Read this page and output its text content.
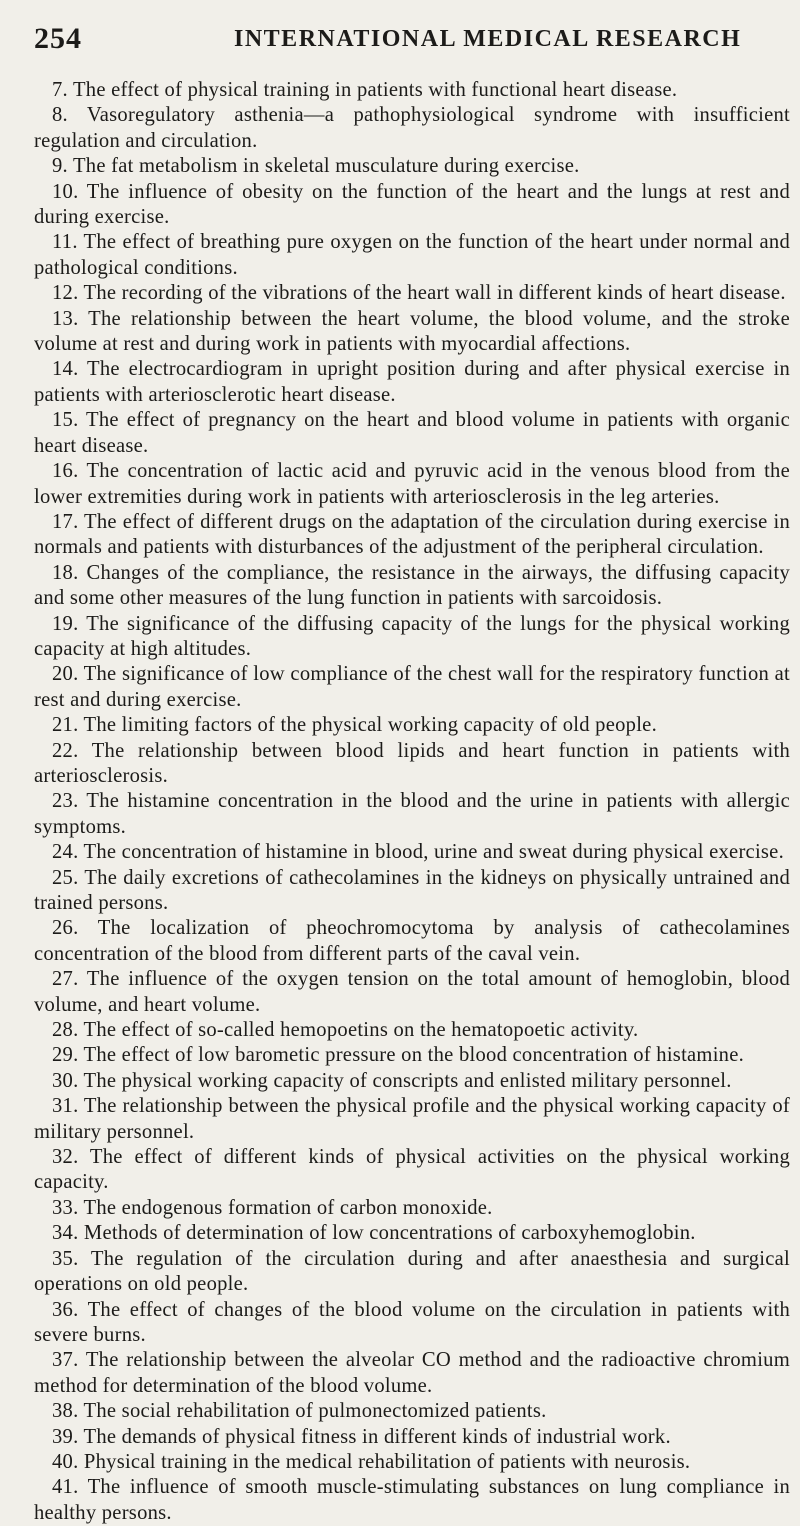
254	INTERNATIONAL MEDICAL RESEARCH
7. The effect of physical training in patients with functional heart disease.
8. Vasoregulatory asthenia—a pathophysiological syndrome with insufficient regulation and circulation.
9. The fat metabolism in skeletal musculature during exercise.
10. The influence of obesity on the function of the heart and the lungs at rest and during exercise.
11. The effect of breathing pure oxygen on the function of the heart under normal and pathological conditions.
12. The recording of the vibrations of the heart wall in different kinds of heart disease.
13. The relationship between the heart volume, the blood volume, and the stroke volume at rest and during work in patients with myocardial affections.
14. The electrocardiogram in upright position during and after physical exercise in patients with arteriosclerotic heart disease.
15. The effect of pregnancy on the heart and blood volume in patients with organic heart disease.
16. The concentration of lactic acid and pyruvic acid in the venous blood from the lower extremities during work in patients with arteriosclerosis in the leg arteries.
17. The effect of different drugs on the adaptation of the circulation during exercise in normals and patients with disturbances of the adjustment of the peripheral circulation.
18. Changes of the compliance, the resistance in the airways, the diffusing capacity and some other measures of the lung function in patients with sarcoidosis.
19. The significance of the diffusing capacity of the lungs for the physical working capacity at high altitudes.
20. The significance of low compliance of the chest wall for the respiratory function at rest and during exercise.
21. The limiting factors of the physical working capacity of old people.
22. The relationship between blood lipids and heart function in patients with arteriosclerosis.
23. The histamine concentration in the blood and the urine in patients with allergic symptoms.
24. The concentration of histamine in blood, urine and sweat during physical exercise.
25. The daily excretions of cathecolamines in the kidneys on physically untrained and trained persons.
26. The localization of pheochromocytoma by analysis of cathecolamines concentration of the blood from different parts of the caval vein.
27. The influence of the oxygen tension on the total amount of hemoglobin, blood volume, and heart volume.
28. The effect of so-called hemopoetins on the hematopoetic activity.
29. The effect of low barometic pressure on the blood concentration of histamine.
30. The physical working capacity of conscripts and enlisted military personnel.
31. The relationship between the physical profile and the physical working capacity of military personnel.
32. The effect of different kinds of physical activities on the physical working capacity.
33. The endogenous formation of carbon monoxide.
34. Methods of determination of low concentrations of carboxyhemoglobin.
35. The regulation of the circulation during and after anaesthesia and surgical operations on old people.
36. The effect of changes of the blood volume on the circulation in patients with severe burns.
37. The relationship between the alveolar CO method and the radioactive chromium method for determination of the blood volume.
38. The social rehabilitation of pulmonectomized patients.
39. The demands of physical fitness in different kinds of industrial work.
40. Physical training in the medical rehabilitation of patients with neurosis.
41. The influence of smooth muscle-stimulating substances on lung compliance in healthy persons.
